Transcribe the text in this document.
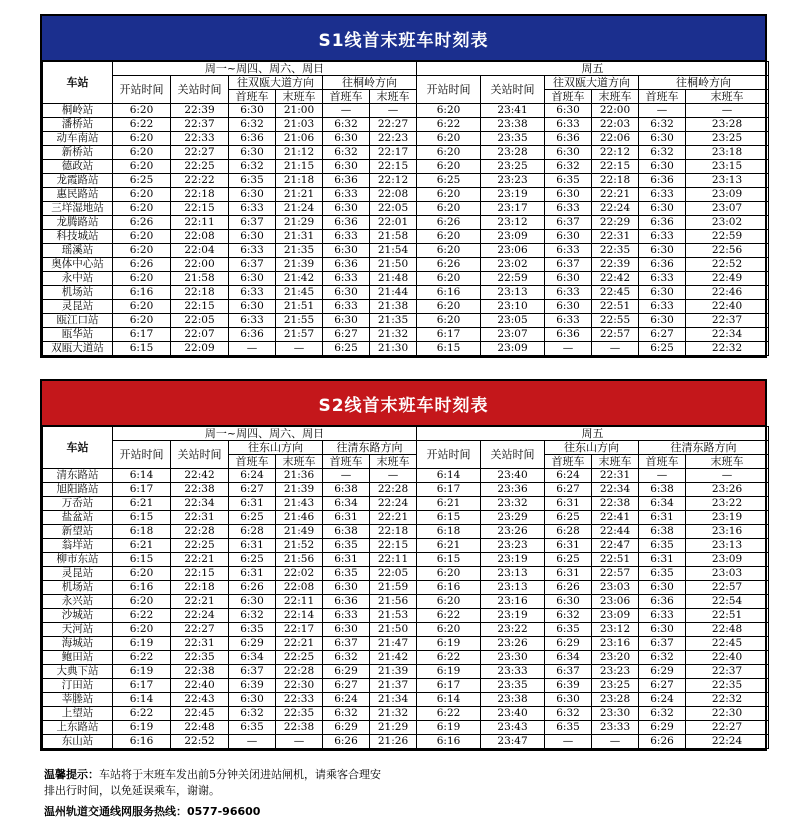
S1线首末班车时刻表
车站	周一~周四、周六、周日						周五					
	开站时间	关站时间	往双瓯大道方向		往桐岭方向		开站时间	关站时间	往双瓯大道方向		往桐岭方向	
			首班车	末班车	首班车	末班车			首班车	末班车	首班车	末班车
桐岭站	6:20	22:39	6:30	21:00	—	—	6:20	23:41	6:30	22:00	—	—
潘桥站	6:22	22:37	6:32	21:03	6:32	22:27	6:22	23:38	6:33	22:03	6:32	23:28
动车南站	6:20	22:33	6:36	21:06	6:30	22:23	6:20	23:35	6:36	22:06	6:30	23:25
新桥站	6:20	22:27	6:30	21:12	6:32	22:17	6:20	23:28	6:30	22:12	6:32	23:18
德政站	6:20	22:25	6:32	21:15	6:30	22:15	6:20	23:25	6:32	22:15	6:30	23:15
龙霞路站	6:25	22:22	6:35	21:18	6:36	22:12	6:25	23:23	6:35	22:18	6:36	23:13
惠民路站	6:20	22:18	6:30	21:21	6:33	22:08	6:20	23:19	6:30	22:21	6:33	23:09
三垟湿地站	6:20	22:15	6:33	21:24	6:30	22:05	6:20	23:17	6:33	22:24	6:30	23:07
龙腾路站	6:26	22:11	6:37	21:29	6:36	22:01	6:26	23:12	6:37	22:29	6:36	23:02
科技城站	6:20	22:08	6:30	21:31	6:33	21:58	6:20	23:09	6:30	22:31	6:33	22:59
瑶溪站	6:20	22:04	6:33	21:35	6:30	21:54	6:20	23:06	6:33	22:35	6:30	22:56
奥体中心站	6:26	22:00	6:37	21:39	6:36	21:50	6:26	23:02	6:37	22:39	6:36	22:52
永中站	6:20	21:58	6:30	21:42	6:33	21:48	6:20	22:59	6:30	22:42	6:33	22:49
机场站	6:16	22:18	6:33	21:45	6:30	21:44	6:16	23:13	6:33	22:45	6:30	22:46
灵昆站	6:20	22:15	6:30	21:51	6:33	21:38	6:20	23:10	6:30	22:51	6:33	22:40
瓯江口站	6:20	22:05	6:33	21:55	6:30	21:35	6:20	23:05	6:33	22:55	6:30	22:37
瓯华站	6:17	22:07	6:36	21:57	6:27	21:32	6:17	23:07	6:36	22:57	6:27	22:34
双瓯大道站	6:15	22:09	—	—	6:25	21:30	6:15	23:09	—	—	6:25	22:32
S2线首末班车时刻表
车站	周一~周四、周六、周日						周五					
	开站时间	关站时间	往东山方向		往清东路方向		开站时间	关站时间	往东山方向		往清东路方向	
			首班车	末班车	首班车	末班车			首班车	末班车	首班车	末班车
清东路站	6:14	22:42	6:24	21:36	—	—	6:14	23:40	6:24	22:31	—	—
旭阳路站	6:17	22:38	6:27	21:39	6:38	22:28	6:17	23:36	6:27	22:34	6:38	23:26
万岙站	6:21	22:34	6:31	21:43	6:34	22:24	6:21	23:32	6:31	22:38	6:34	23:22
盐盆站	6:15	22:31	6:25	21:46	6:31	22:21	6:15	23:29	6:25	22:41	6:31	23:19
新望站	6:18	22:28	6:28	21:49	6:38	22:18	6:18	23:26	6:28	22:44	6:38	23:16
翁垟站	6:21	22:25	6:31	21:52	6:35	22:15	6:21	23:23	6:31	22:47	6:35	23:13
柳市东站	6:15	22:21	6:25	21:56	6:31	22:11	6:15	23:19	6:25	22:51	6:31	23:09
灵昆站	6:20	22:15	6:31	22:02	6:35	22:05	6:20	23:13	6:31	22:57	6:35	23:03
机场站	6:16	22:18	6:26	22:08	6:30	21:59	6:16	23:13	6:26	23:03	6:30	22:57
永兴站	6:20	22:21	6:30	22:11	6:36	21:56	6:20	23:16	6:30	23:06	6:36	22:54
沙城站	6:22	22:24	6:32	22:14	6:33	21:53	6:22	23:19	6:32	23:09	6:33	22:51
天河站	6:20	22:27	6:35	22:17	6:30	21:50	6:20	23:22	6:35	23:12	6:30	22:48
海城站	6:19	22:31	6:29	22:21	6:37	21:47	6:19	23:26	6:29	23:16	6:37	22:45
鲍田站	6:22	22:35	6:34	22:25	6:32	21:42	6:22	23:30	6:34	23:20	6:32	22:40
大典下站	6:19	22:38	6:37	22:28	6:29	21:39	6:19	23:33	6:37	23:23	6:29	22:37
汀田站	6:17	22:40	6:39	22:30	6:27	21:37	6:17	23:35	6:39	23:25	6:27	22:35
莘塍站	6:14	22:43	6:30	22:33	6:24	21:34	6:14	23:38	6:30	23:28	6:24	22:32
上望站	6:22	22:45	6:32	22:35	6:32	21:32	6:22	23:40	6:32	23:30	6:32	22:30
上东路站	6:19	22:48	6:35	22:38	6:29	21:29	6:19	23:43	6:35	23:33	6:29	22:27
东山站	6:16	22:52	—	—	6:26	21:26	6:16	23:47	—	—	6:26	22:24
温馨提示：车站将于末班车发出前5分钟关闭进站闸机，请乘客合理安
排出行时间，以免延误乘车，谢谢。
温州轨道交通线网服务热线：0577-96600
